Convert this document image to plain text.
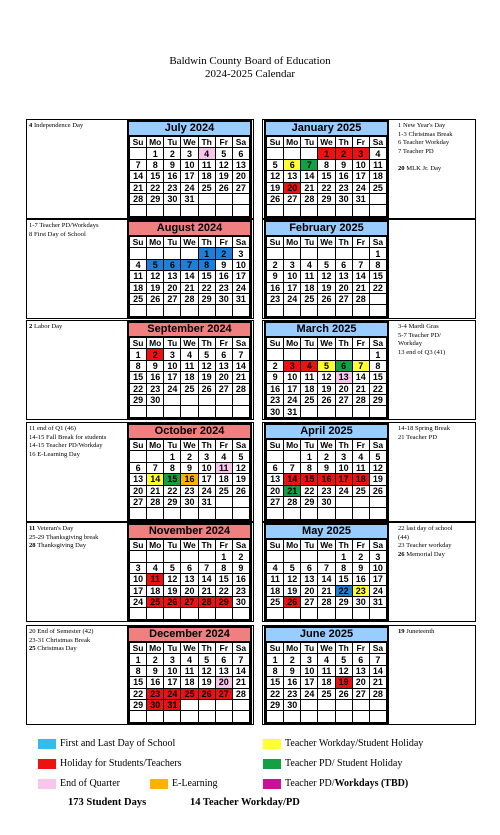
Baldwin County Board of Education
2024-2025 Calendar
4 Independence Day	1 New Year's Day
1-3 Christmas Break
6 Teacher Workday
7 Teacher PD

20 MLK Jr. Day
July 2024
Su	Mo	Tu	We	Th	Fr	Sa
	1	2	3	4	5	6
7	8	9	10	11	12	13
14	15	16	17	18	19	20
21	22	23	24	25	26	27
28	29	30	31			

January 2025
Su	Mo	Tu	We	Th	Fr	Sa
			1	2	3	4
5	6	7	8	9	10	11
12	13	14	15	16	17	18
19	20	21	22	23	24	25
26	27	28	29	30	31	

1-7 Teacher PD/Workdays
8 First Day of School
August 2024
Su	Mo	Tu	We	Th	Fr	Sa
				1	2	3
4	5	6	7	8	9	10
11	12	13	14	15	16	17
18	19	20	21	22	23	24
25	26	27	28	29	30	31

February 2025
Su	Mo	Tu	We	Th	Fr	Sa
						1
2	3	4	5	6	7	8
9	10	11	12	13	14	15
16	17	18	19	20	21	22
23	24	25	26	27	28	

2 Labor Day	3-4 Mardi Gras
5-7 Teacher PD/
Workday
13 end of Q3 (41)
September 2024
Su	Mo	Tu	We	Th	Fr	Sa
1	2	3	4	5	6	7
8	9	10	11	12	13	14
15	16	17	18	19	20	21
22	23	24	25	26	27	28
29	30					

March 2025
Su	Mo	Tu	We	Th	Fr	Sa
						1
2	3	4	5	6	7	8
9	10	11	12	13	14	15
16	17	18	19	20	21	22
23	24	25	26	27	28	29
30	31					
11 end of Q1 (46)
14-15 Fall Break for students
14-15 Teacher PD/Workday
16 E-Learning Day
14-18 Spring Break
21 Teacher PD
October 2024
Su	Mo	Tu	We	Th	Fr	Sa
		1	2	3	4	5
6	7	8	9	10	11	12
13	14	15	16	17	18	19
20	21	22	23	24	25	26
27	28	29	30	31		

April 2025
Su	Mo	Tu	We	Th	Fr	Sa
		1	2	3	4	5
6	7	8	9	10	11	12
13	14	15	16	17	18	19
20	21	22	23	24	25	26
27	28	29	30			

11 Veteran's Day
25-29 Thanksgiving break
28 Thanksgiving Day
22 last day of school
(44)
23 Teacher workday
26 Memorial Day
November 2024
Su	Mo	Tu	We	Th	Fr	Sa
					1	2
3	4	5	6	7	8	9
10	11	12	13	14	15	16
17	18	19	20	21	22	23
24	25	26	27	28	29	30

May 2025
Su	Mo	Tu	We	Th	Fr	Sa
				1	2	3
4	5	6	7	8	9	10
11	12	13	14	15	16	17
18	19	20	21	22	23	24
25	26	27	28	29	30	31

20 End of Semester (42)
23-31 Christmas Break
25 Christmas Day
19 Juneteenth
December 2024
Su	Mo	Tu	We	Th	Fr	Sa
1	2	3	4	5	6	7
8	9	10	11	12	13	14
15	16	17	18	19	20	21
22	23	24	25	26	27	28
29	30	31				

June 2025
Su	Mo	Tu	We	Th	Fr	Sa
1	2	3	4	5	6	7
8	9	10	11	12	13	14
15	16	17	18	19	20	21
22	23	24	25	26	27	28
29	30					

First and Last Day of School	Teacher Workday/Student Holiday
Holiday for Students/Teachers	Teacher PD/ Student Holiday
End of Quarter	E-Learning	Teacher PD/Workdays (TBD)
173 Student Days	14 Teacher Workday/PD
